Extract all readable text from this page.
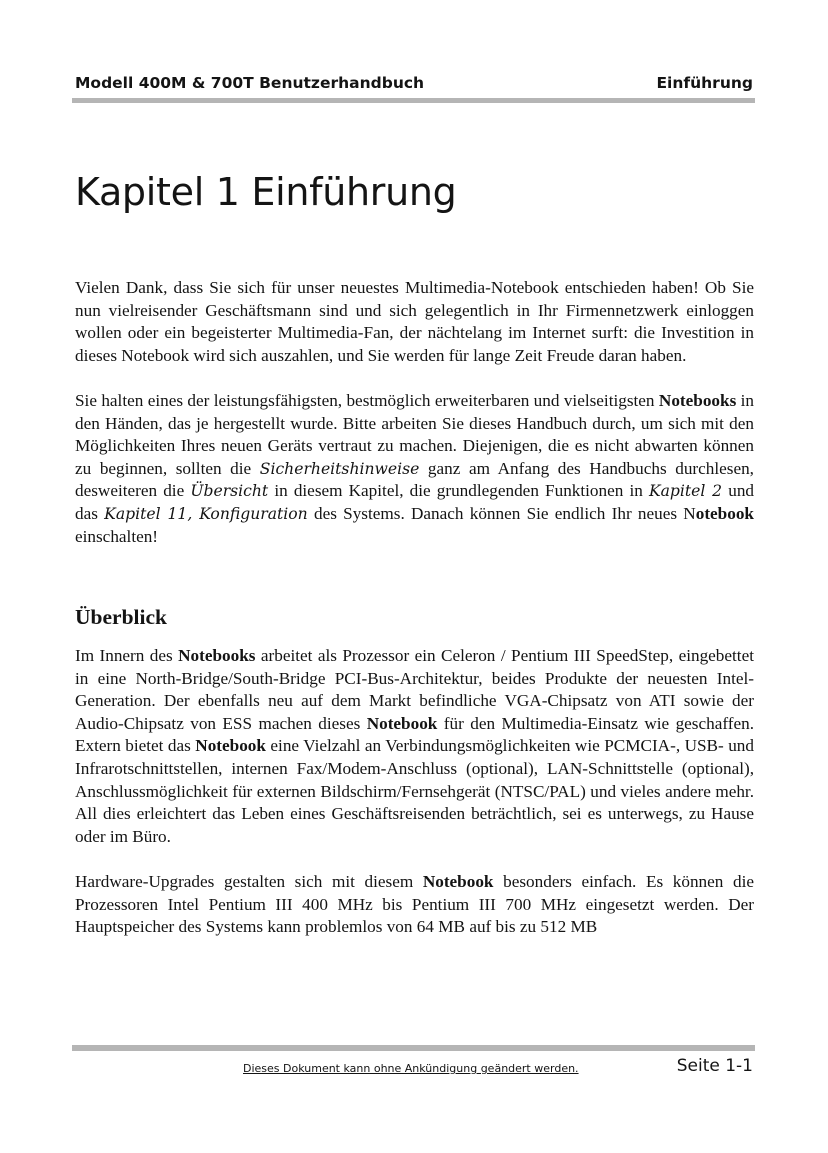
Modell 400M & 700T Benutzerhandbuch	Einführung
Kapitel 1 Einführung

Vielen Dank, dass Sie sich für unser neuestes Multimedia-Notebook entschieden haben! Ob Sie nun vielreisender Geschäftsmann sind und sich gelegentlich in Ihr Firmennetzwerk einloggen wollen oder ein begeisterter Multimedia-Fan, der nächtelang im Internet surft: die Investition in dieses Notebook wird sich auszahlen, und Sie werden für lange Zeit Freude daran haben.

Sie halten eines der leistungsfähigsten, bestmöglich erweiterbaren und vielseitigsten Notebooks in den Händen, das je hergestellt wurde. Bitte arbeiten Sie dieses Handbuch durch, um sich mit den Möglichkeiten Ihres neuen Geräts vertraut zu machen. Diejenigen, die es nicht abwarten können zu beginnen, sollten die Sicherheitshinweise ganz am Anfang des Handbuchs durchlesen, desweiteren die Übersicht in diesem Kapitel, die grundlegenden Funktionen in Kapitel 2 und das Kapitel 11, Konfiguration des Systems. Danach können Sie endlich Ihr neues Notebook einschalten!

Überblick

Im Innern des Notebooks arbeitet als Prozessor ein Celeron / Pentium III SpeedStep, eingebettet in eine North-Bridge/South-Bridge PCI-Bus-Architektur, beides Produkte der neuesten Intel-Generation. Der ebenfalls neu auf dem Markt befindliche VGA-Chipsatz von ATI sowie der Audio-Chipsatz von ESS machen dieses Notebook für den Multimedia-Einsatz wie geschaffen. Extern bietet das Notebook eine Vielzahl an Verbindungsmöglichkeiten wie PCMCIA-, USB- und Infrarotschnittstellen, internen Fax/Modem-Anschluss (optional), LAN-Schnittstelle (optional), Anschlussmöglichkeit für externen Bildschirm/Fernsehgerät (NTSC/PAL) und vieles andere mehr. All dies erleichtert das Leben eines Geschäftsreisenden beträchtlich, sei es unterwegs, zu Hause oder im Büro.

Hardware-Upgrades gestalten sich mit diesem Notebook besonders einfach. Es können die Prozessoren Intel Pentium III 400 MHz bis Pentium III 700 MHz eingesetzt werden. Der Hauptspeicher des Systems kann problemlos von 64 MB auf bis zu 512 MB

Dieses Dokument kann ohne Ankündigung geändert werden.	Seite 1-1
